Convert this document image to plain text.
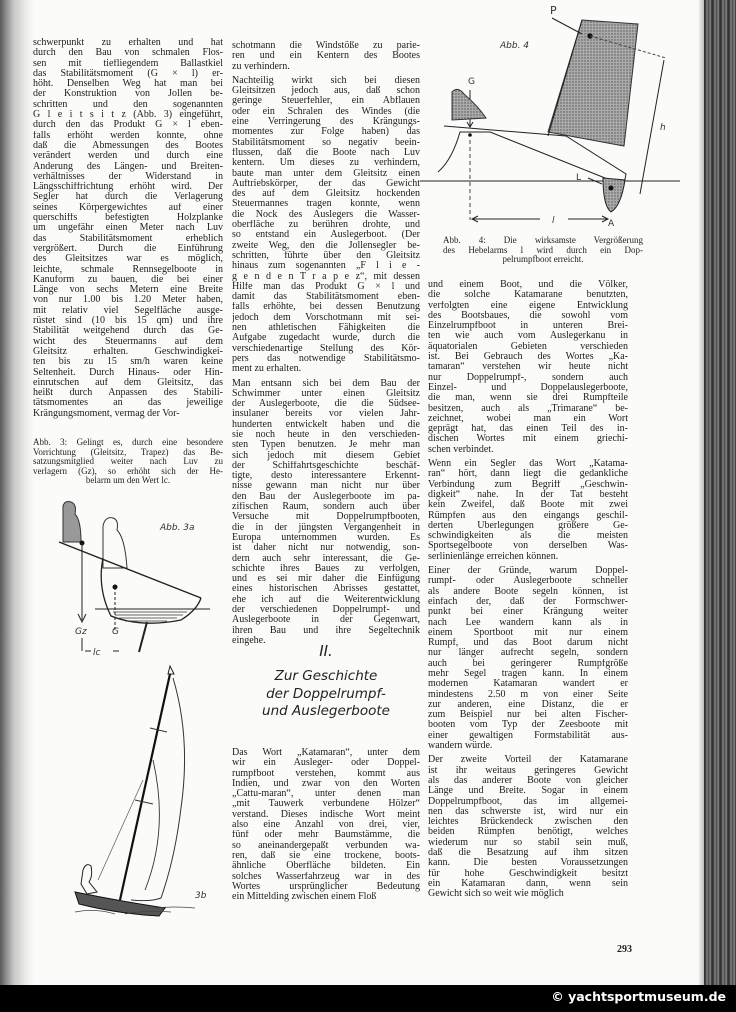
schwerpunkt zu erhalten und hat
durch den Bau von schmalen Flos-
sen mit tiefliegendem Ballastkiel
das Stabilitätsmoment (G × l) er-
höht. Denselben Weg hat man bei
der Konstruktion von Jollen be-
schritten und den sogenannten
G l e i t s i t z (Abb. 3) eingeführt,
durch den das Produkt G × l eben-
falls erhöht werden konnte, ohne
daß die Abmessungen des Bootes
verändert werden und durch eine
Änderung des Längen- und Breiten-
verhältnisses der Widerstand in
Längsschiffrichtung erhöht wird. Der
Segler hat durch die Verlagerung
seines Körpergewichtes auf einer
querschiffs befestigten Holzplanke
um ungefähr einen Meter nach Luv
das Stabilitätsmoment erheblich
vergrößert. Durch die Einführung
des Gleitsitzes war es möglich,
leichte, schmale Rennsegelboote in
Kanuform zu bauen, die bei einer
Länge von sechs Metern eine Breite
von nur 1.00 bis 1.20 Meter haben,
mit relativ viel Segelfläche ausge-
rüstet sind (10 bis 15 qm) und ihre
Stabilität weitgehend durch das Ge-
wicht des Steuermanns auf dem
Gleitsitz erhalten. Geschwindigkei-
ten bis zu 15 sm/h waren keine
Seltenheit. Durch Hinaus- oder Hin-
einrutschen auf dem Gleitsitz, das
heißt durch Anpassen des Stabili-
tätsmomentes an das jeweilige
Krängungsmoment, vermag der Vor-
Abb. 3: Gelingt es, durch eine besondere
Vorrichtung (Gleitsitz, Trapez) das Be-
satzungsmitglied weiter nach Luv zu
verlagern (Gz), so erhöht sich der He-
belarm um den Wert lc.
Gz	G
lc
Abb. 3a
3b
schotmann die Windstöße zu parie-
ren und ein Kentern des Bootes
zu verhindern.
Nachteilig wirkt sich bei diesen
Gleitsitzen jedoch aus, daß schon
geringe Steuerfehler, ein Abflauen
oder ein Schralen des Windes (die
eine Verringerung des Krängungs-
momentes zur Folge haben) das
Stabilitätsmoment so negativ beein-
flussen, daß die Boote nach Luv
kentern. Um dieses zu verhindern,
baute man unter dem Gleitsitz einen
Auftriebskörper, der das Gewicht
des auf dem Gleitsitz hockenden
Steuermannes tragen konnte, wenn
die Nock des Auslegers die Wasser-
oberfläche zu berühren drohte, und
so entstand ein Auslegerboot. (Der
zweite Weg, den die Jollensegler be-
schritten, führte über den Gleitsitz
hinaus zum sogenannten „F l i e -
g e n d e n T r a p e z“, mit dessen
Hilfe man das Produkt G × l und
damit das Stabilitätsmoment eben-
falls erhöhte, bei dessen Benutzung
jedoch dem Vorschotmann mit sei-
nen athletischen Fähigkeiten die
Aufgabe zugedacht wurde, durch die
verschiedenartige Stellung des Kör-
pers das notwendige Stabilitätsmo-
ment zu erhalten.
Man entsann sich bei dem Bau der
Schwimmer unter einen Gleitsitz
der Auslegerboote, die die Südsee-
insulaner bereits vor vielen Jahr-
hunderten entwickelt haben und die
sie noch heute in den verschieden-
sten Typen benutzen. Je mehr man
sich jedoch mit diesem Gebiet
der Schiffahrtsgeschichte beschäf-
tigte, desto interessantere Erkennt-
nisse gewann man nicht nur über
den Bau der Auslegerboote im pa-
zifischen Raum, sondern auch über
Versuche mit Doppelrumpfbooten,
die in der jüngsten Vergangenheit in
Europa unternommen wurden. Es
ist daher nicht nur notwendig, son-
dern auch sehr interessant, die Ge-
schichte ihres Baues zu verfolgen,
und es sei mir daher die Einfügung
eines historischen Abrisses gestattet,
ehe ich auf die Weiterentwicklung
der verschiedenen Doppelrumpf- und
Auslegerboote in der Gegenwart,
ihren Bau und ihre Segeltechnik
eingehe.
II.
Zur Geschichte
der Doppelrumpf-
und Auslegerboote
Das Wort „Katamaran“, unter dem
wir ein Ausleger- oder Doppel-
rumpfboot verstehen, kommt aus
Indien, und zwar von den Worten
„Cattu-maran“, unter denen man
„mit Tauwerk verbundene Hölzer“
verstand. Dieses indische Wort meint
also eine Anzahl von drei, vier,
fünf oder mehr Baumstämme, die
so aneinandergepaßt verbunden wa-
ren, daß sie eine trockene, boots-
ähnliche Oberfläche bildeten. Ein
solches Wasserfahrzeug war in des
Wortes ursprünglicher Bedeutung
ein Mittelding zwischen einem Floß
P
Abb. 4
h
G
L
l	A
Abb. 4: Die wirksamste Vergrößerung
des Hebelarms l wird durch ein Dop-
pelrumpfboot erreicht.
und einem Boot, und die Völker,
die solche Katamarane benutzten,
verfolgten eine eigene Entwicklung
des Bootsbaues, die sowohl vom
Einzelrumpfboot in unteren Brei-
ten wie auch vom Auslegerkanu in
äquatorialen Gebieten verschieden
ist. Bei Gebrauch des Wortes „Ka-
tamaran“ verstehen wir heute nicht
nur Doppelrumpf-, sondern auch
Einzel- und Doppelauslegerboote,
die man, wenn sie drei Rumpfteile
besitzen, auch als „Trimarane“ be-
zeichnet, wobei man ein Wort
geprägt hat, das einen Teil des in-
dischen Wortes mit einem griechi-
schen verbindet.
Wenn ein Segler das Wort „Katama-
ran“ hört, dann liegt die gedankliche
Verbindung zum Begriff „Geschwin-
digkeit“ nahe. In der Tat besteht
kein Zweifel, daß Boote mit zwei
Rümpfen aus den eingangs geschil-
derten Überlegungen größere Ge-
schwindigkeiten als die meisten
Sportsegelboote von derselben Was-
serlinienlänge erreichen können.
Einer der Gründe, warum Doppel-
rumpf- oder Auslegerboote schneller
als andere Boote segeln können, ist
einfach der, daß der Formschwer-
punkt bei einer Krängung weiter
nach Lee wandern kann als in
einem Sportboot mit nur einem
Rumpf, und das Boot darum nicht
nur länger aufrecht segeln, sondern
auch bei geringerer Rumpfgröße
mehr Segel tragen kann. In einem
modernen Katamaran wandert er
mindestens 2.50 m von einer Seite
zur anderen, eine Distanz, die er
zum Beispiel nur bei alten Fischer-
booten vom Typ der Zeesboote mit
einer gewaltigen Formstabilität aus-
wandern würde.
Der zweite Vorteil der Katamarane
ist ihr weitaus geringeres Gewicht
als das anderer Boote von gleicher
Länge und Breite. Sogar in einem
Doppelrumpfboot, das im allgemei-
nen das schwerste ist, wird nur ein
leichtes Brückendeck zwischen den
beiden Rümpfen benötigt, welches
wiederum nur so stabil sein muß,
daß die Besatzung auf ihm sitzen
kann. Die besten Voraussetzungen
für hohe Geschwindigkeit besitzt
ein Katamaran dann, wenn sein
Gewicht sich so weit wie möglich
293
© yachtsportmuseum.de
